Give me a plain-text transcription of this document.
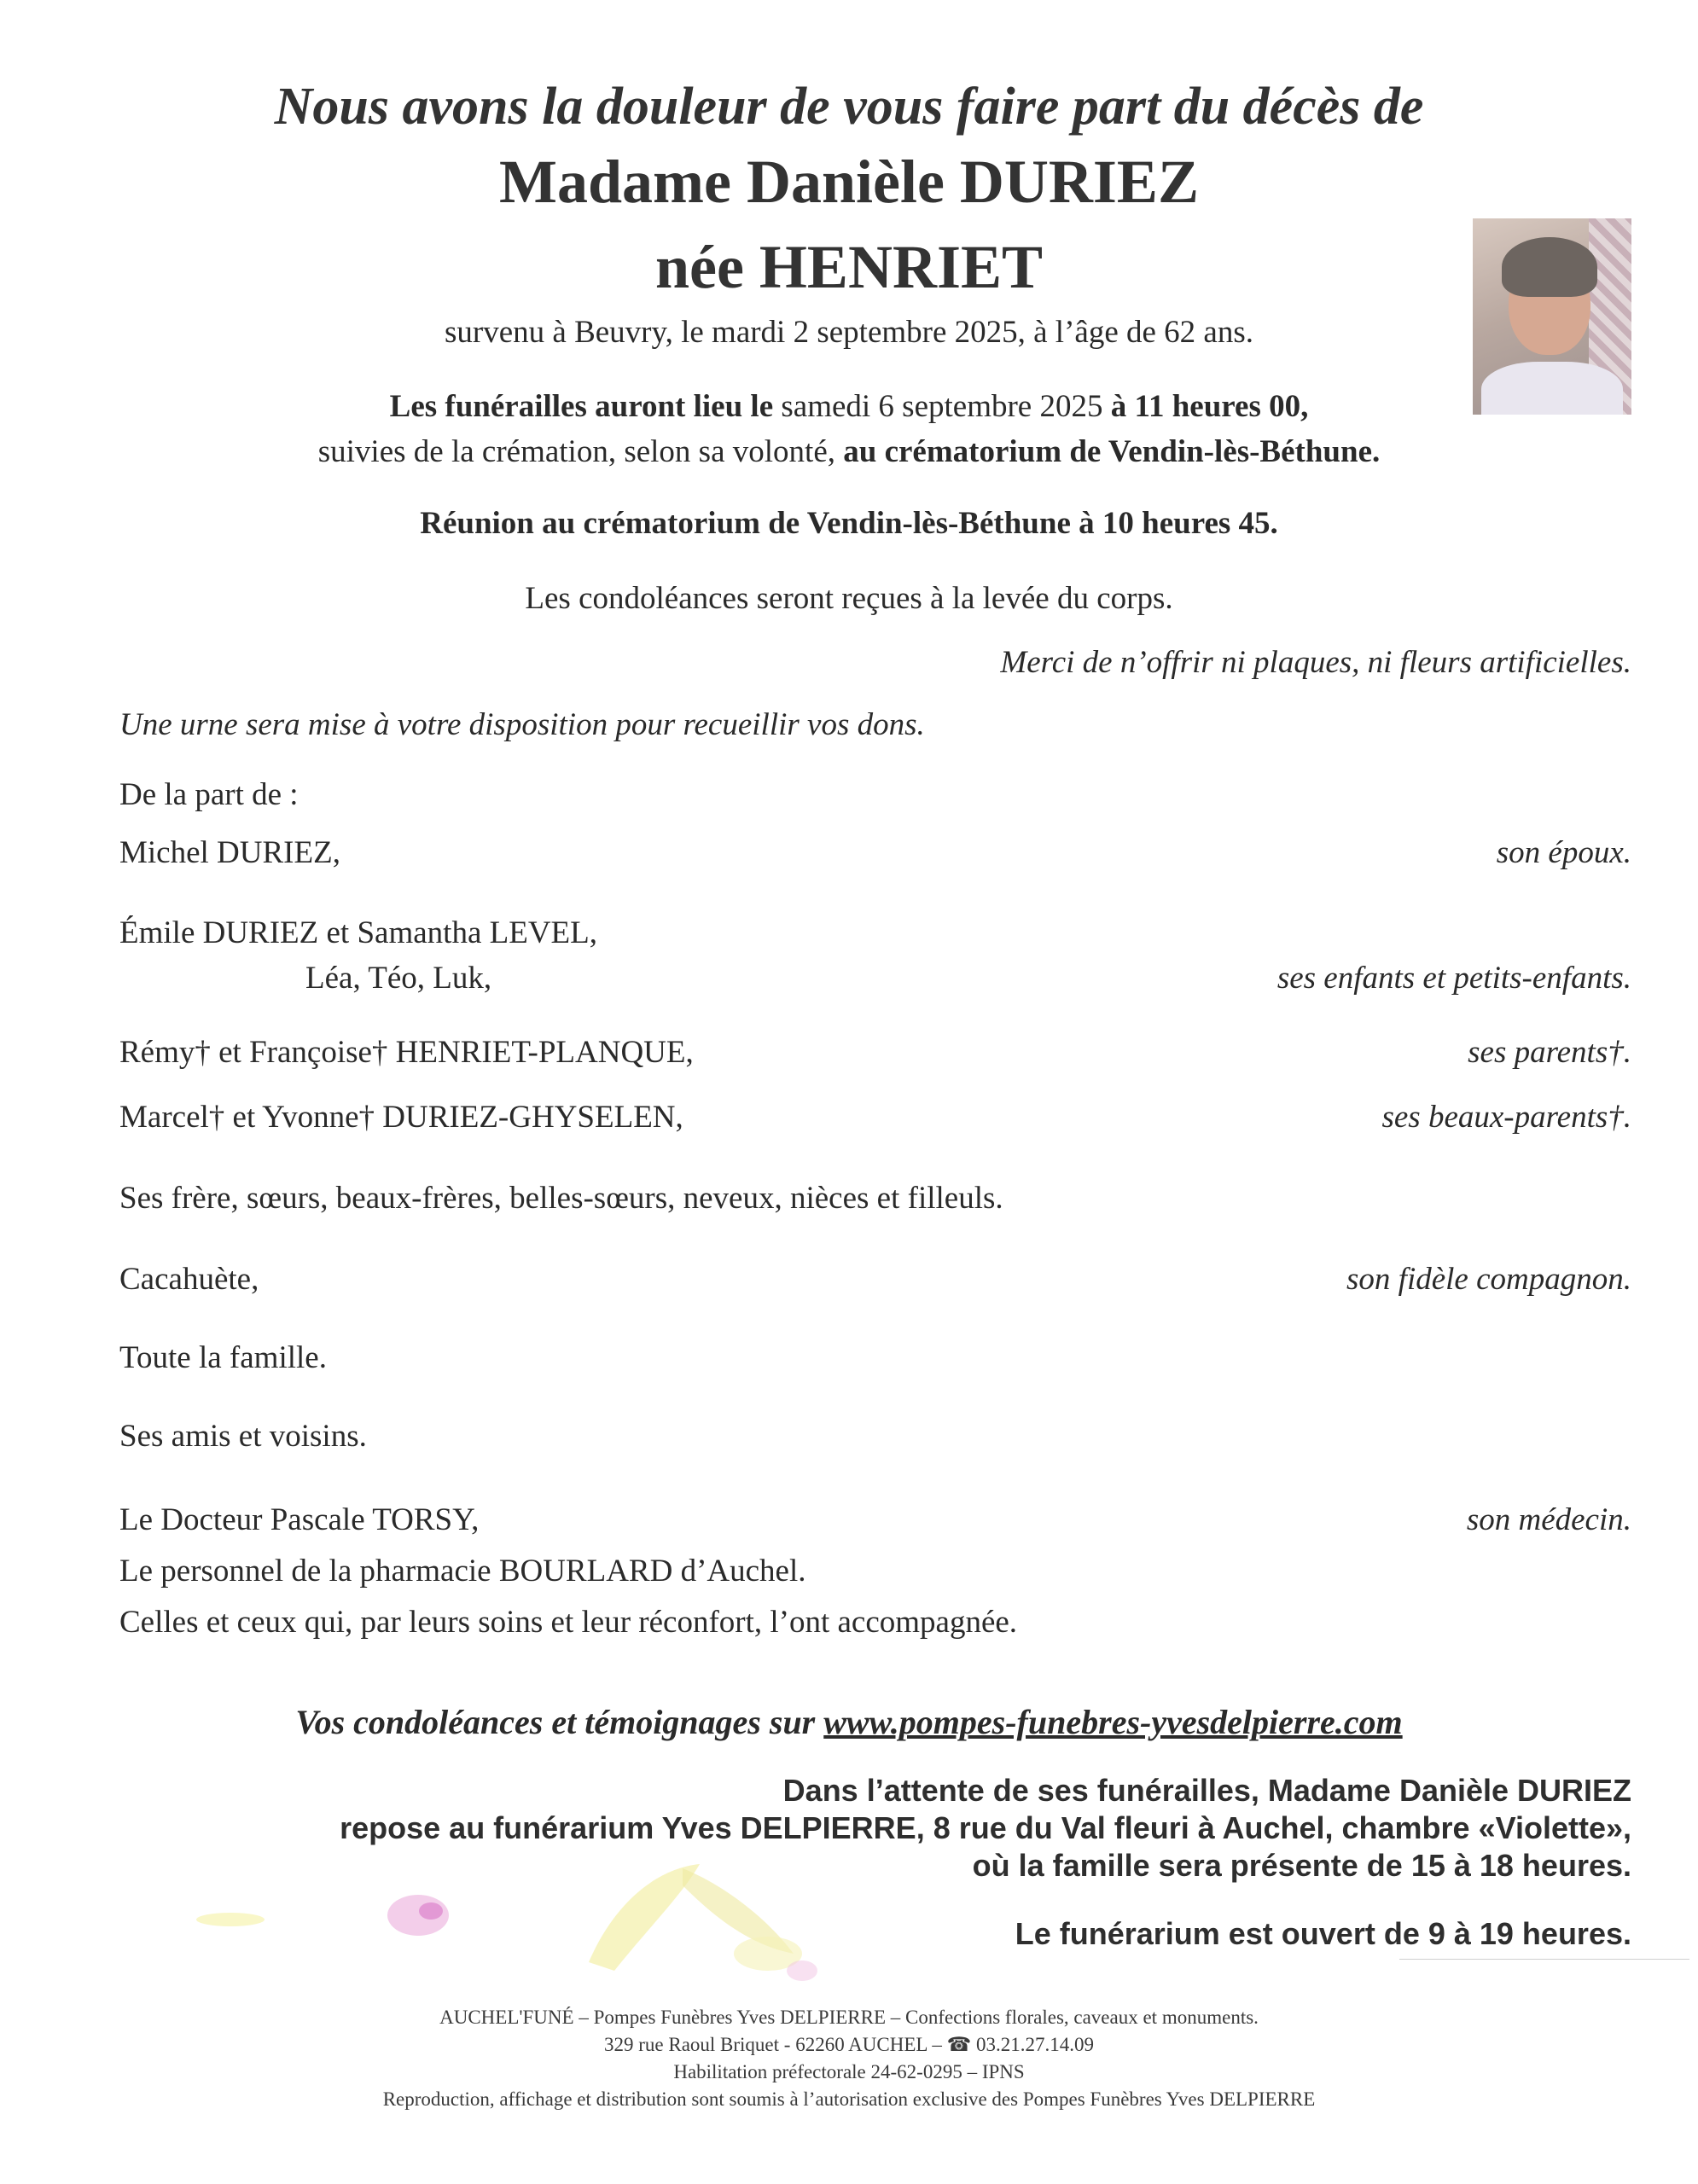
Nous avons la douleur de vous faire part du décès de
Madame Danièle DURIEZ
née HENRIET
survenu à Beuvry, le mardi 2 septembre 2025, à l’âge de 62 ans.
Les funérailles auront lieu le samedi 6 septembre 2025 à 11 heures 00,
suivies de la crémation, selon sa volonté, au crématorium de Vendin-lès-Béthune.
Réunion au crématorium de Vendin-lès-Béthune à 10 heures 45.
Les condoléances seront reçues à la levée du corps.
Merci de n’offrir ni plaques, ni fleurs artificielles.
Une urne sera mise à votre disposition pour recueillir vos dons.
De la part de :
Michel DURIEZ,	son époux.
Émile DURIEZ et Samantha LEVEL,
Léa, Téo, Luk,	ses enfants et petits-enfants.
Rémy† et Françoise† HENRIET-PLANQUE,	ses parents†.
Marcel† et Yvonne† DURIEZ-GHYSELEN,	ses beaux-parents†.
Ses frère, sœurs, beaux-frères, belles-sœurs, neveux, nièces et filleuls.
Cacahuète,	son fidèle compagnon.
Toute la famille.
Ses amis et voisins.
Le Docteur Pascale TORSY,	son médecin.
Le personnel de la pharmacie BOURLARD d’Auchel.
Celles et ceux qui, par leurs soins et leur réconfort, l’ont accompagnée.
Vos condoléances et témoignages sur www.pompes-funebres-yvesdelpierre.com
Dans l’attente de ses funérailles, Madame Danièle DURIEZ
repose au funérarium Yves DELPIERRE, 8 rue du Val fleuri à Auchel, chambre «Violette»,
où la famille sera présente de 15 à 18 heures.
Le funérarium est ouvert de 9 à 19 heures.
AUCHEL'FUNÉ – Pompes Funèbres Yves DELPIERRE – Confections florales, caveaux et monuments.
329 rue Raoul Briquet - 62260 AUCHEL – ☎ 03.21.27.14.09
Habilitation préfectorale 24-62-0295 – IPNS
Reproduction, affichage et distribution sont soumis à l’autorisation exclusive des Pompes Funèbres Yves DELPIERRE
